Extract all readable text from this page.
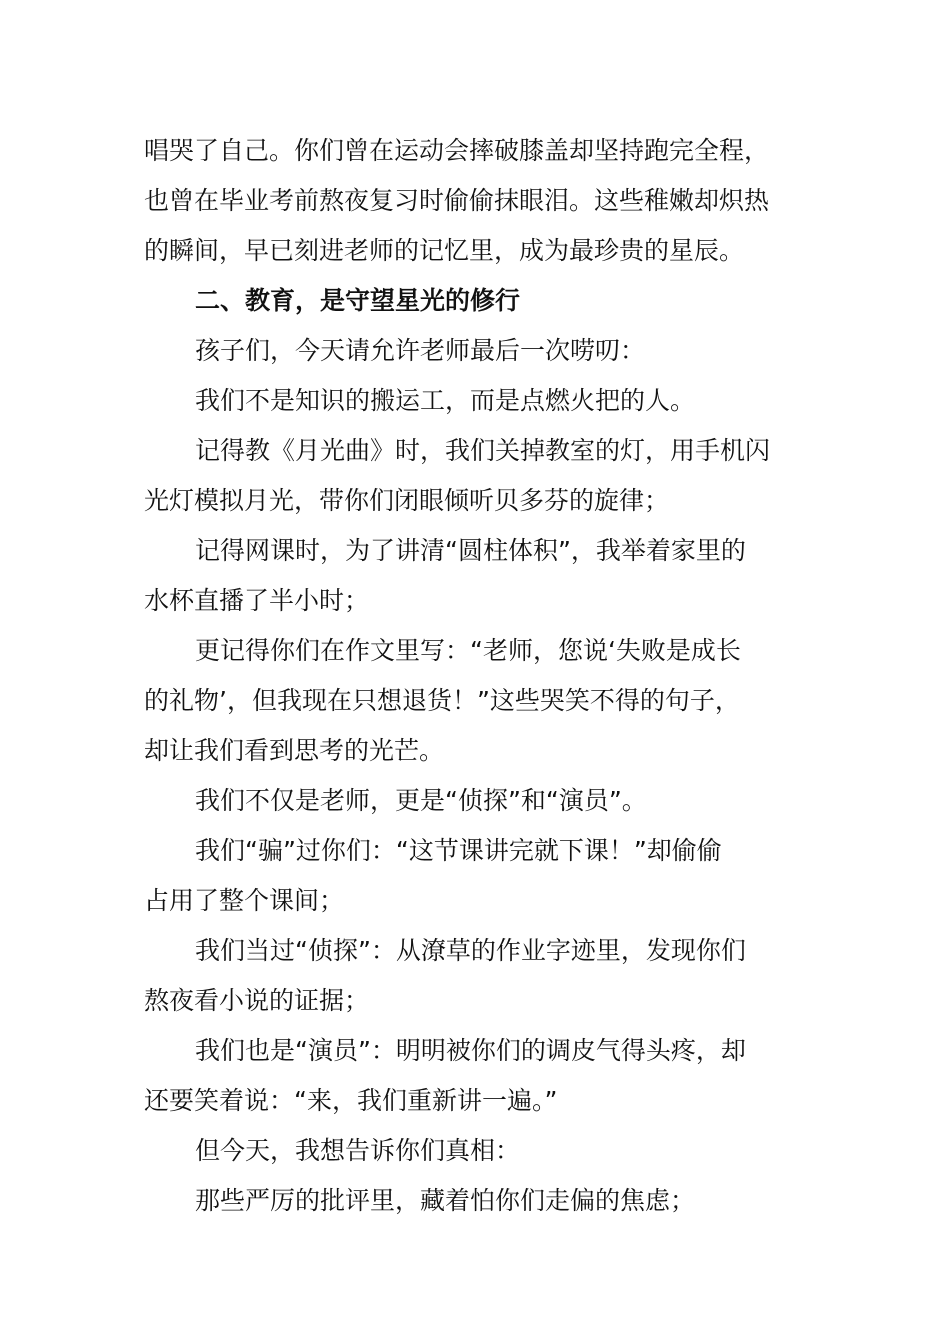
唱哭了自己。你们曾在运动会摔破膝盖却坚持跑完全程，
也曾在毕业考前熬夜复习时偷偷抹眼泪。这些稚嫩却炽热
的瞬间，早已刻进老师的记忆里，成为最珍贵的星辰。
二、教育，是守望星光的修行
孩子们，今天请允许老师最后一次唠叨：
我们不是知识的搬运工，而是点燃火把的人。
记得教《月光曲》时，我们关掉教室的灯，用手机闪
光灯模拟月光，带你们闭眼倾听贝多芬的旋律；
记得网课时，为了讲清“圆柱体积”，我举着家里的
水杯直播了半小时；
更记得你们在作文里写：“老师，您说‘失败是成长
的礼物’，但我现在只想退货！”这些哭笑不得的句子，
却让我们看到思考的光芒。
我们不仅是老师，更是“侦探”和“演员”。
我们“骗”过你们：“这节课讲完就下课！”却偷偷
占用了整个课间；
我们当过“侦探”：从潦草的作业字迹里，发现你们
熬夜看小说的证据；
我们也是“演员”：明明被你们的调皮气得头疼，却
还要笑着说：“来，我们重新讲一遍。”
但今天，我想告诉你们真相：
那些严厉的批评里，藏着怕你们走偏的焦虑；
